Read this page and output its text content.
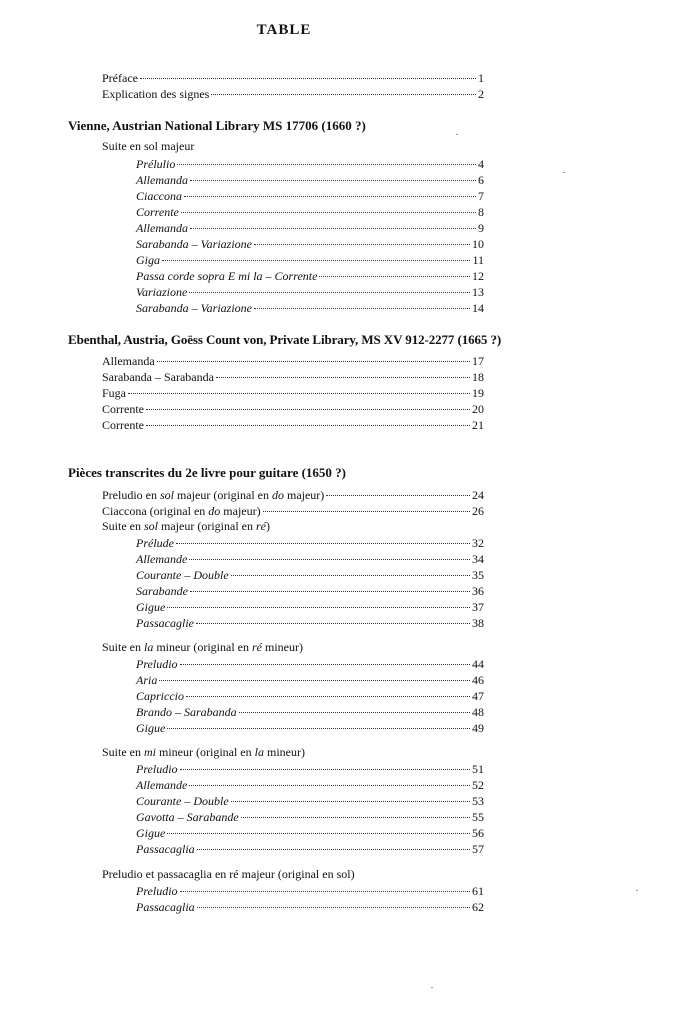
TABLE
Préface	1
Explication des signes	2
Vienne, Austrian National Library MS 17706 (1660 ?)
Suite en sol majeur
Prélulio	4
Allemanda	6
Ciaccona	7
Corrente	8
Allemanda	9
Sarabanda – Variazione	10
Giga	11
Passa corde sopra E mi la – Corrente	12
Variazione	13
Sarabanda – Variazione	14
Ebenthal, Austria, Goëss Count von, Private Library, MS XV 912-2277 (1665 ?)
Allemanda	17
Sarabanda – Sarabanda	18
Fuga	19
Corrente	20
Corrente	21
Pièces transcrites du 2e livre pour guitare (1650 ?)
Preludio en sol majeur (original en do majeur)	24
Ciaccona (original en do majeur)	26
Suite en sol majeur (original en ré)
Prélude	32
Allemande	34
Courante – Double	35
Sarabande	36
Gigue	37
Passacaglie	38
Suite en la mineur (original en ré mineur)
Preludio	44
Aria	46
Capriccio	47
Brando – Sarabanda	48
Gigue	49
Suite en mi mineur (original en la mineur)
Preludio	51
Allemande	52
Courante – Double	53
Gavotta – Sarabande	55
Gigue	56
Passacaglia	57
Preludio et passacaglia en ré majeur (original en sol)
Preludio	61
Passacaglia	62
